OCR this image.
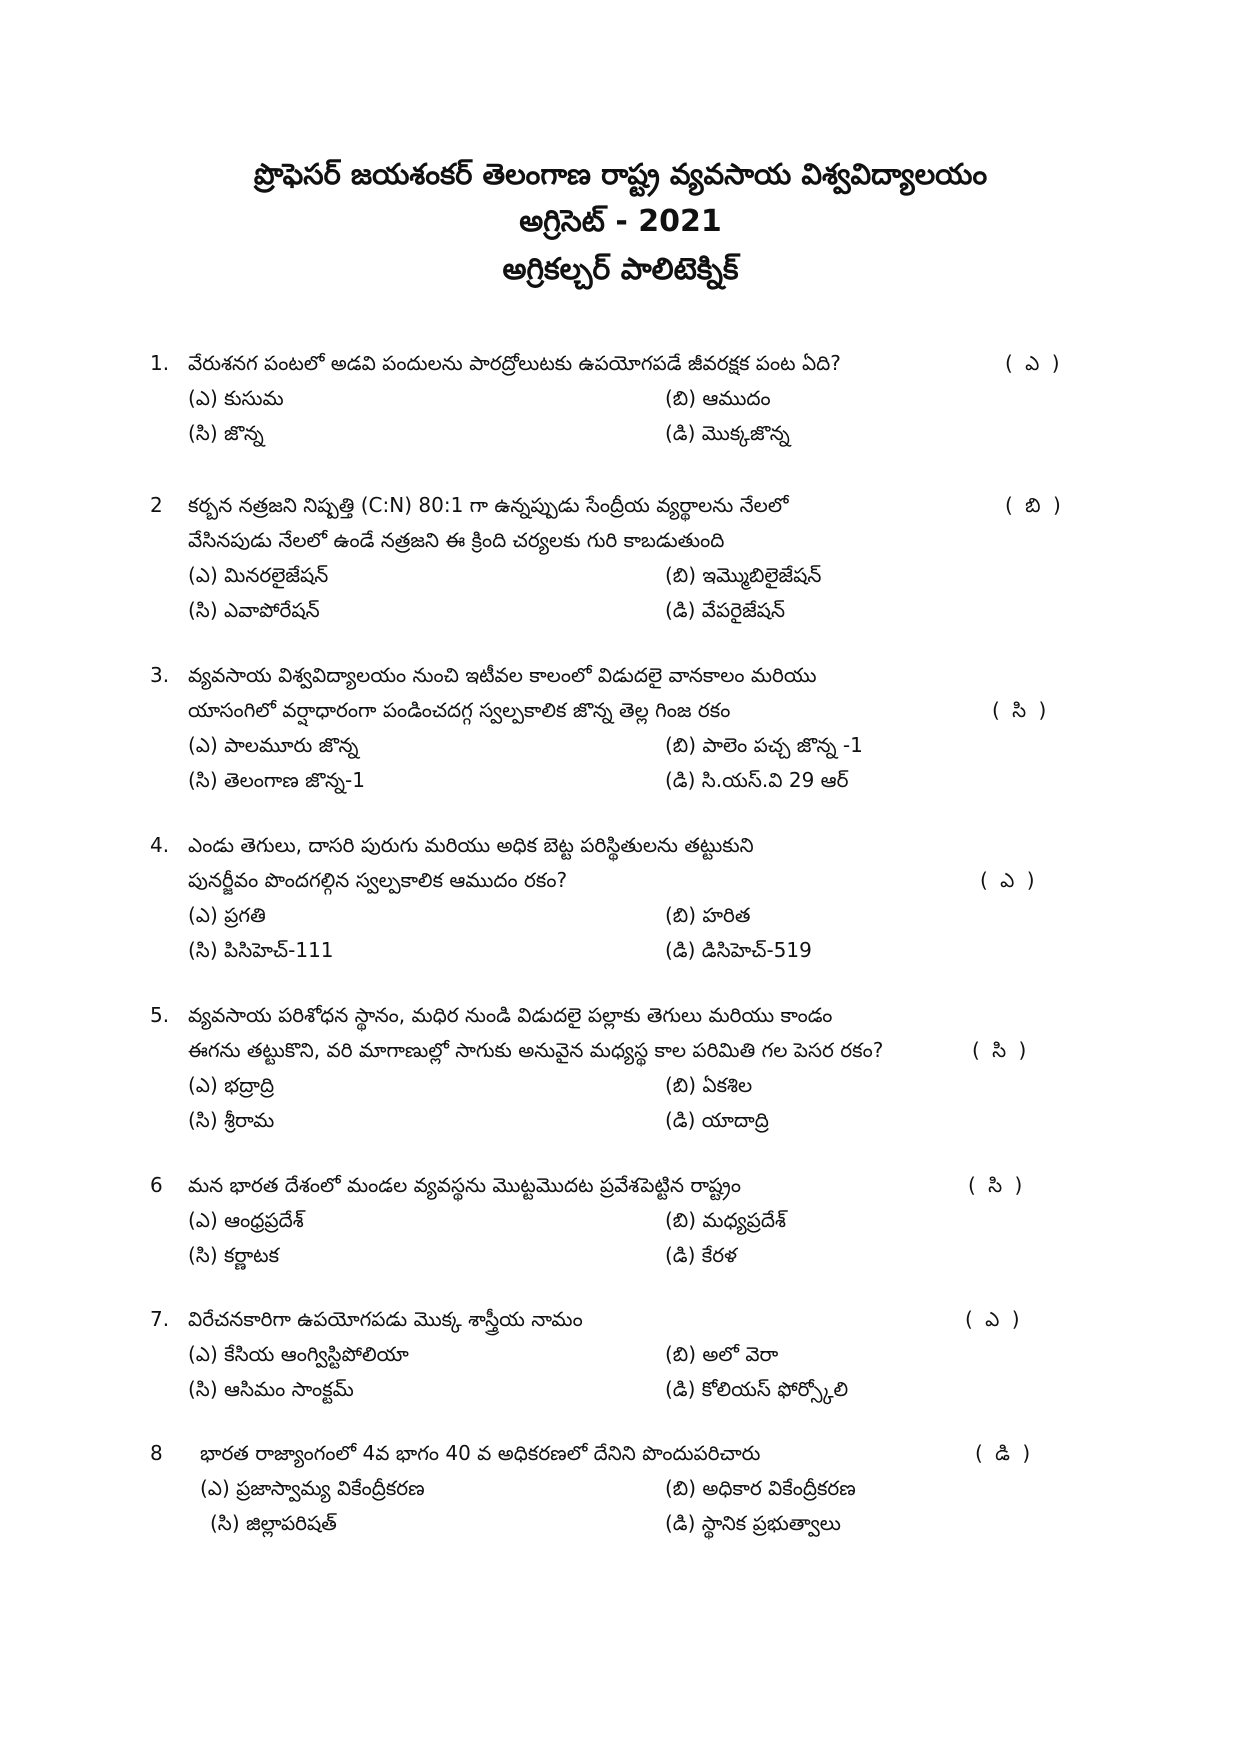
ప్రొఫెసర్ జయశంకర్ తెలంగాణ రాష్ట్ర వ్యవసాయ విశ్వవిద్యాలయం
అగ్రిసెట్ - 2021
అగ్రికల్చర్ పాలిటెక్నిక్
1. వేరుశనగ పంటలో అడవి పందులను పారద్రోలుటకు ఉపయోగపడే జీవరక్షక పంట ఏది?	( ఎ )
(ఎ) కుసుమ	(బి) ఆముదం
(సి) జొన్న	(డి) మొక్కజొన్న
2 కర్బన నత్రజని నిష్పత్తి (C:N) 80:1 గా ఉన్నప్పుడు సేంద్రీయ వ్యర్థాలను నేలలో	( బి )
వేసినపుడు నేలలో ఉండే నత్రజని ఈ క్రింది చర్యలకు గురి కాబడుతుంది
(ఎ) మినరలైజేషన్	(బి) ఇమ్మొబిలైజేషన్
(సి) ఎవాపోరేషన్	(డి) వేపరైజేషన్
3. వ్యవసాయ విశ్వవిద్యాలయం నుంచి ఇటీవల కాలంలో విడుదలై వానకాలం మరియు
యాసంగిలో వర్షాధారంగా పండించదగ్గ స్వల్పకాలిక జొన్న తెల్ల గింజ రకం	( సి )
(ఎ) పాలమూరు జొన్న	(బి) పాలెం పచ్చ జొన్న -1
(సి) తెలంగాణ జొన్న-1	(డి) సి.యస్.వి 29 ఆర్
4. ఎండు తెగులు, దాసరి పురుగు మరియు అధిక బెట్ట పరిస్థితులను తట్టుకుని
పునర్జీవం పొందగల్గిన స్వల్పకాలిక ఆముదం రకం?	( ఎ )
(ఎ) ప్రగతి	(బి) హరిత
(సి) పిసిహెచ్-111	(డి) డిసిహెచ్-519
5. వ్యవసాయ పరిశోధన స్థానం, మధిర నుండి విడుదలై పల్లాకు తెగులు మరియు కాండం
ఈగను తట్టుకొని, వరి మాగాణుల్లో సాగుకు అనువైన మధ్యస్థ కాల పరిమితి గల పెసర రకం?	( సి )
(ఎ) భద్రాద్రి	(బి) ఏకశిల
(సి) శ్రీరామ	(డి) యాదాద్రి
6 మన భారత దేశంలో మండల వ్యవస్థను మొట్టమొదట ప్రవేశపెట్టిన రాష్ట్రం	( సి )
(ఎ) ఆంధ్రప్రదేశ్	(బి) మధ్యప్రదేశ్
(సి) కర్ణాటక	(డి) కేరళ
7. విరేచనకారిగా ఉపయోగపడు మొక్క శాస్త్రీయ నామం	( ఎ )
(ఎ) కేసియ ఆంగ్విస్టిపోలియా	(బి) అలో వెరా
(సి) ఆసిమం సాంక్టమ్	(డి) కోలియస్ ఫోర్స్కోలి
8 భారత రాజ్యాంగంలో 4వ భాగం 40 వ అధికరణలో దేనిని పొందుపరిచారు	( డి )
(ఎ) ప్రజాస్వామ్య వికేంద్రీకరణ	(బి) అధికార వికేంద్రీకరణ
(సి) జిల్లాపరిషత్	(డి) స్థానిక ప్రభుత్వాలు
